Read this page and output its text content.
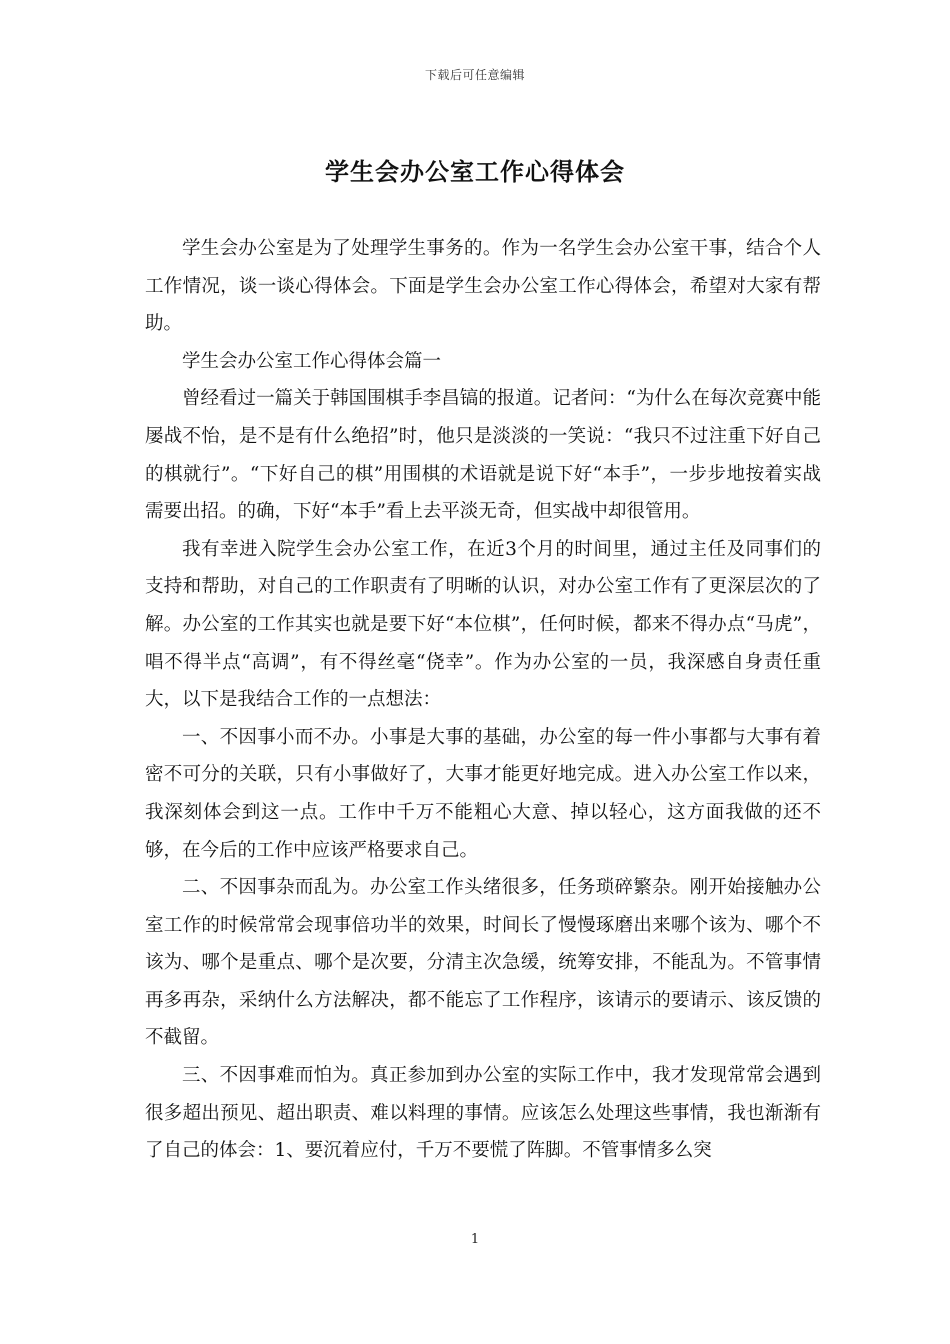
下载后可任意编辑
学生会办公室工作心得体会

学生会办公室是为了处理学生事务的。作为一名学生会办公室干事，结合个人工作情况，谈一谈心得体会。下面是学生会办公室工作心得体会，希望对大家有帮助。

学生会办公室工作心得体会篇一

曾经看过一篇关于韩国围棋手李昌镐的报道。记者问：“为什么在每次竞赛中能屡战不怡，是不是有什么绝招”时，他只是淡淡的一笑说：“我只不过注重下好自己的棋就行”。“下好自己的棋”用围棋的术语就是说下好“本手”，一步步地按着实战需要出招。的确，下好“本手”看上去平淡无奇，但实战中却很管用。

我有幸进入院学生会办公室工作，在近3个月的时间里，通过主任及同事们的支持和帮助，对自己的工作职责有了明晰的认识，对办公室工作有了更深层次的了解。办公室的工作其实也就是要下好“本位棋”，任何时候，都来不得办点“马虎”，唱不得半点“高调”，有不得丝毫“侥幸”。作为办公室的一员，我深感自身责任重大，以下是我结合工作的一点想法：

一、不因事小而不办。小事是大事的基础，办公室的每一件小事都与大事有着密不可分的关联，只有小事做好了，大事才能更好地完成。进入办公室工作以来，我深刻体会到这一点。工作中千万不能粗心大意、掉以轻心，这方面我做的还不够，在今后的工作中应该严格要求自己。

二、不因事杂而乱为。办公室工作头绪很多，任务琐碎繁杂。刚开始接触办公室工作的时候常常会现事倍功半的效果，时间长了慢慢琢磨出来哪个该为、哪个不该为、哪个是重点、哪个是次要，分清主次急缓，统筹安排，不能乱为。不管事情再多再杂，采纳什么方法解决，都不能忘了工作程序，该请示的要请示、该反馈的不截留。

三、不因事难而怕为。真正参加到办公室的实际工作中，我才发现常常会遇到很多超出预见、超出职责、难以料理的事情。应该怎么处理这些事情，我也渐渐有了自己的体会：1、要沉着应付，千万不要慌了阵脚。不管事情多么突

1
